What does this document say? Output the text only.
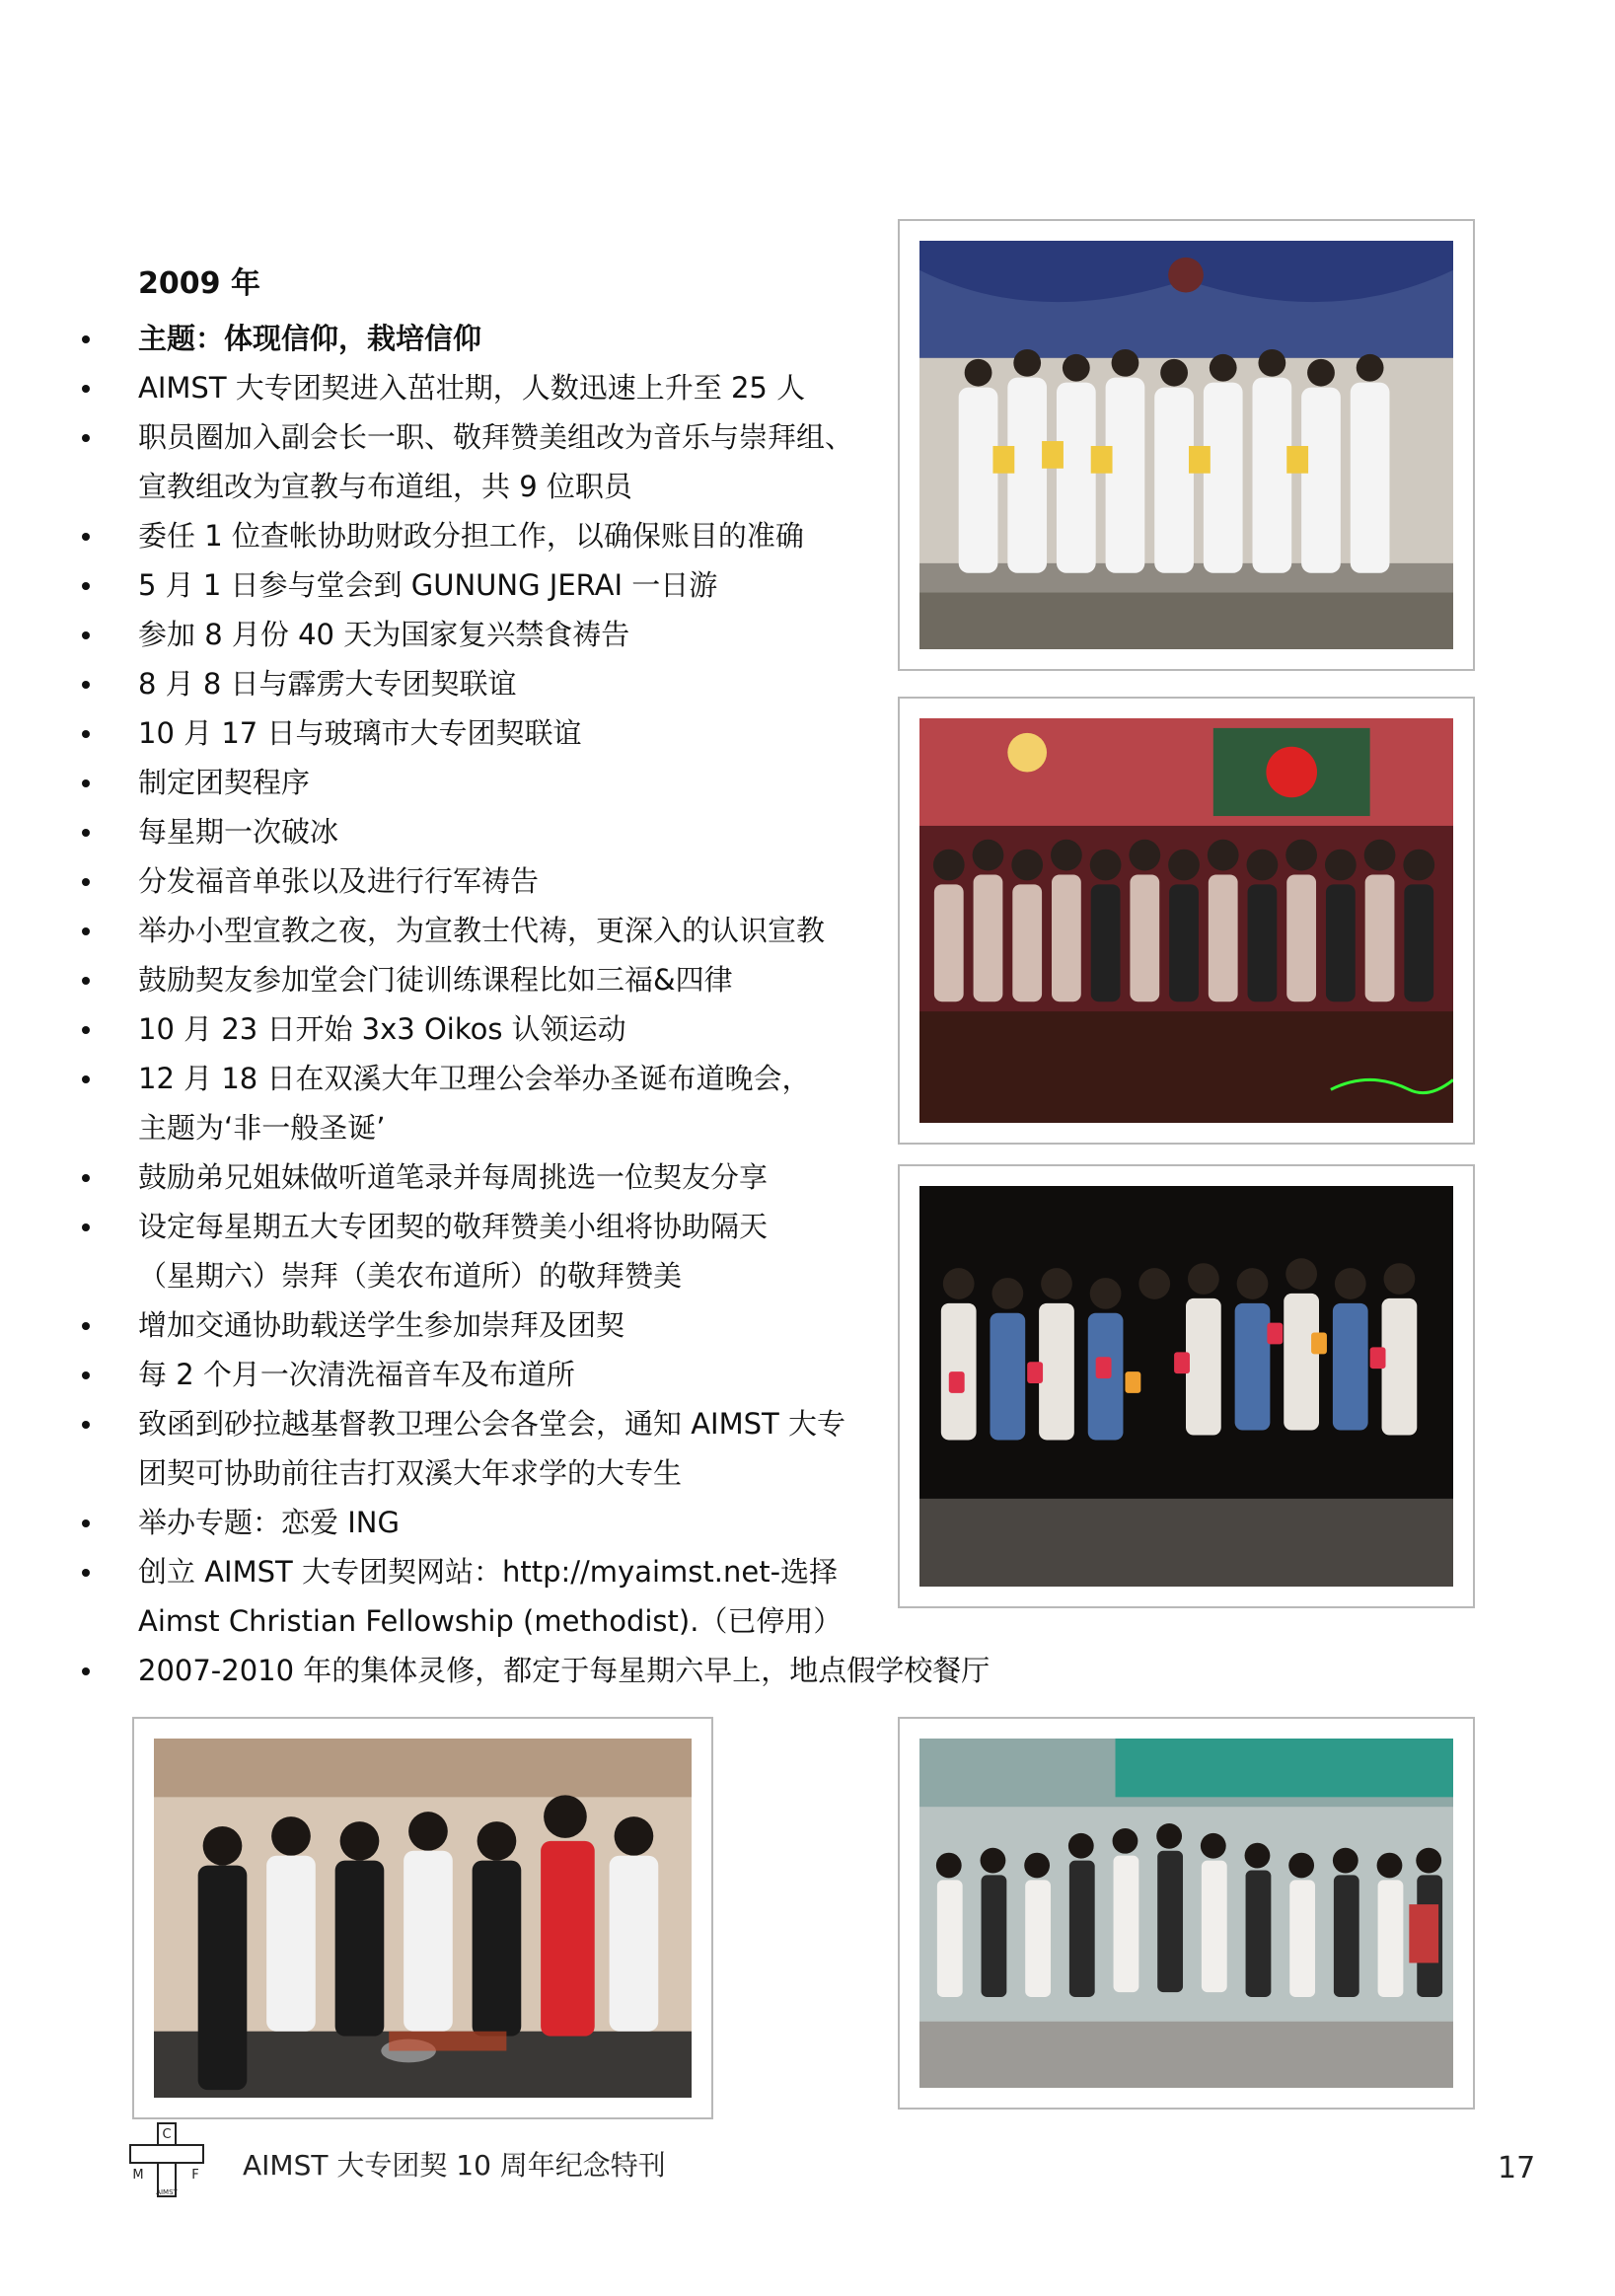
2009 年
主题：体现信仰，栽培信仰
AIMST 大专团契进入茁壮期，人数迅速上升至 25 人
职员圈加入副会长一职、敬拜赞美组改为音乐与崇拜组、
宣教组改为宣教与布道组，共 9 位职员
委任 1 位查帐协助财政分担工作，以确保账目的准确
5 月 1 日参与堂会到 GUNUNG JERAI 一日游
参加 8 月份 40 天为国家复兴禁食祷告
8 月 8 日与霹雳大专团契联谊
10 月 17 日与玻璃市大专团契联谊
制定团契程序
每星期一次破冰
分发福音单张以及进行行军祷告
举办小型宣教之夜，为宣教士代祷，更深入的认识宣教
鼓励契友参加堂会门徒训练课程比如三福&四律
10 月 23 日开始 3x3 Oikos 认领运动
12 月 18 日在双溪大年卫理公会举办圣诞布道晚会，
主题为‘非一般圣诞’
鼓励弟兄姐妹做听道笔录并每周挑选一位契友分享
设定每星期五大专团契的敬拜赞美小组将协助隔天
（星期六）崇拜（美农布道所）的敬拜赞美
增加交通协助载送学生参加崇拜及团契
每 2 个月一次清洗福音车及布道所
致函到砂拉越基督教卫理公会各堂会，通知 AIMST 大专
团契可协助前往吉打双溪大年求学的大专生
举办专题：恋爱 ING
创立 AIMST 大专团契网站：http://myaimst.net-选择
Aimst Christian Fellowship (methodist).（已停用）
2007-2010 年的集体灵修，都定于每星期六早上，地点假学校餐厅
C
M	F
AIMST
AIMST 大专团契 10 周年纪念特刊	17
